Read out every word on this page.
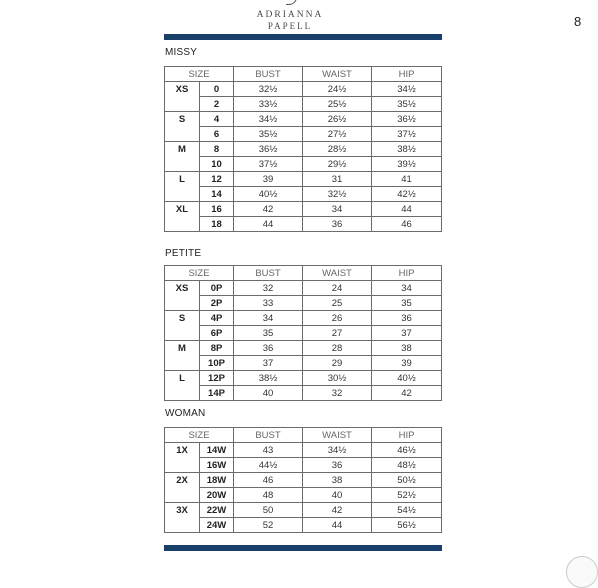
ADRIANNA
PAPELL	8
MISSY
SIZE		BUST	WAIST	HIP
XS	0	32½	24½	34½
	2	33½	25½	35½
S	4	34½	26½	36½
	6	35½	27½	37½
M	8	36½	28½	38½
	10	37½	29½	39½
L	12	39	31	41
	14	40½	32½	42½
XL	16	42	34	44
	18	44	36	46
PETITE
SIZE		BUST	WAIST	HIP
XS	0P	32	24	34
	2P	33	25	35
S	4P	34	26	36
	6P	35	27	37
M	8P	36	28	38
	10P	37	29	39
L	12P	38½	30½	40½
	14P	40	32	42
WOMAN
SIZE		BUST	WAIST	HIP
1X	14W	43	34½	46½
	16W	44½	36	48½
2X	18W	46	38	50½
	20W	48	40	52½
3X	22W	50	42	54½
	24W	52	44	56½
